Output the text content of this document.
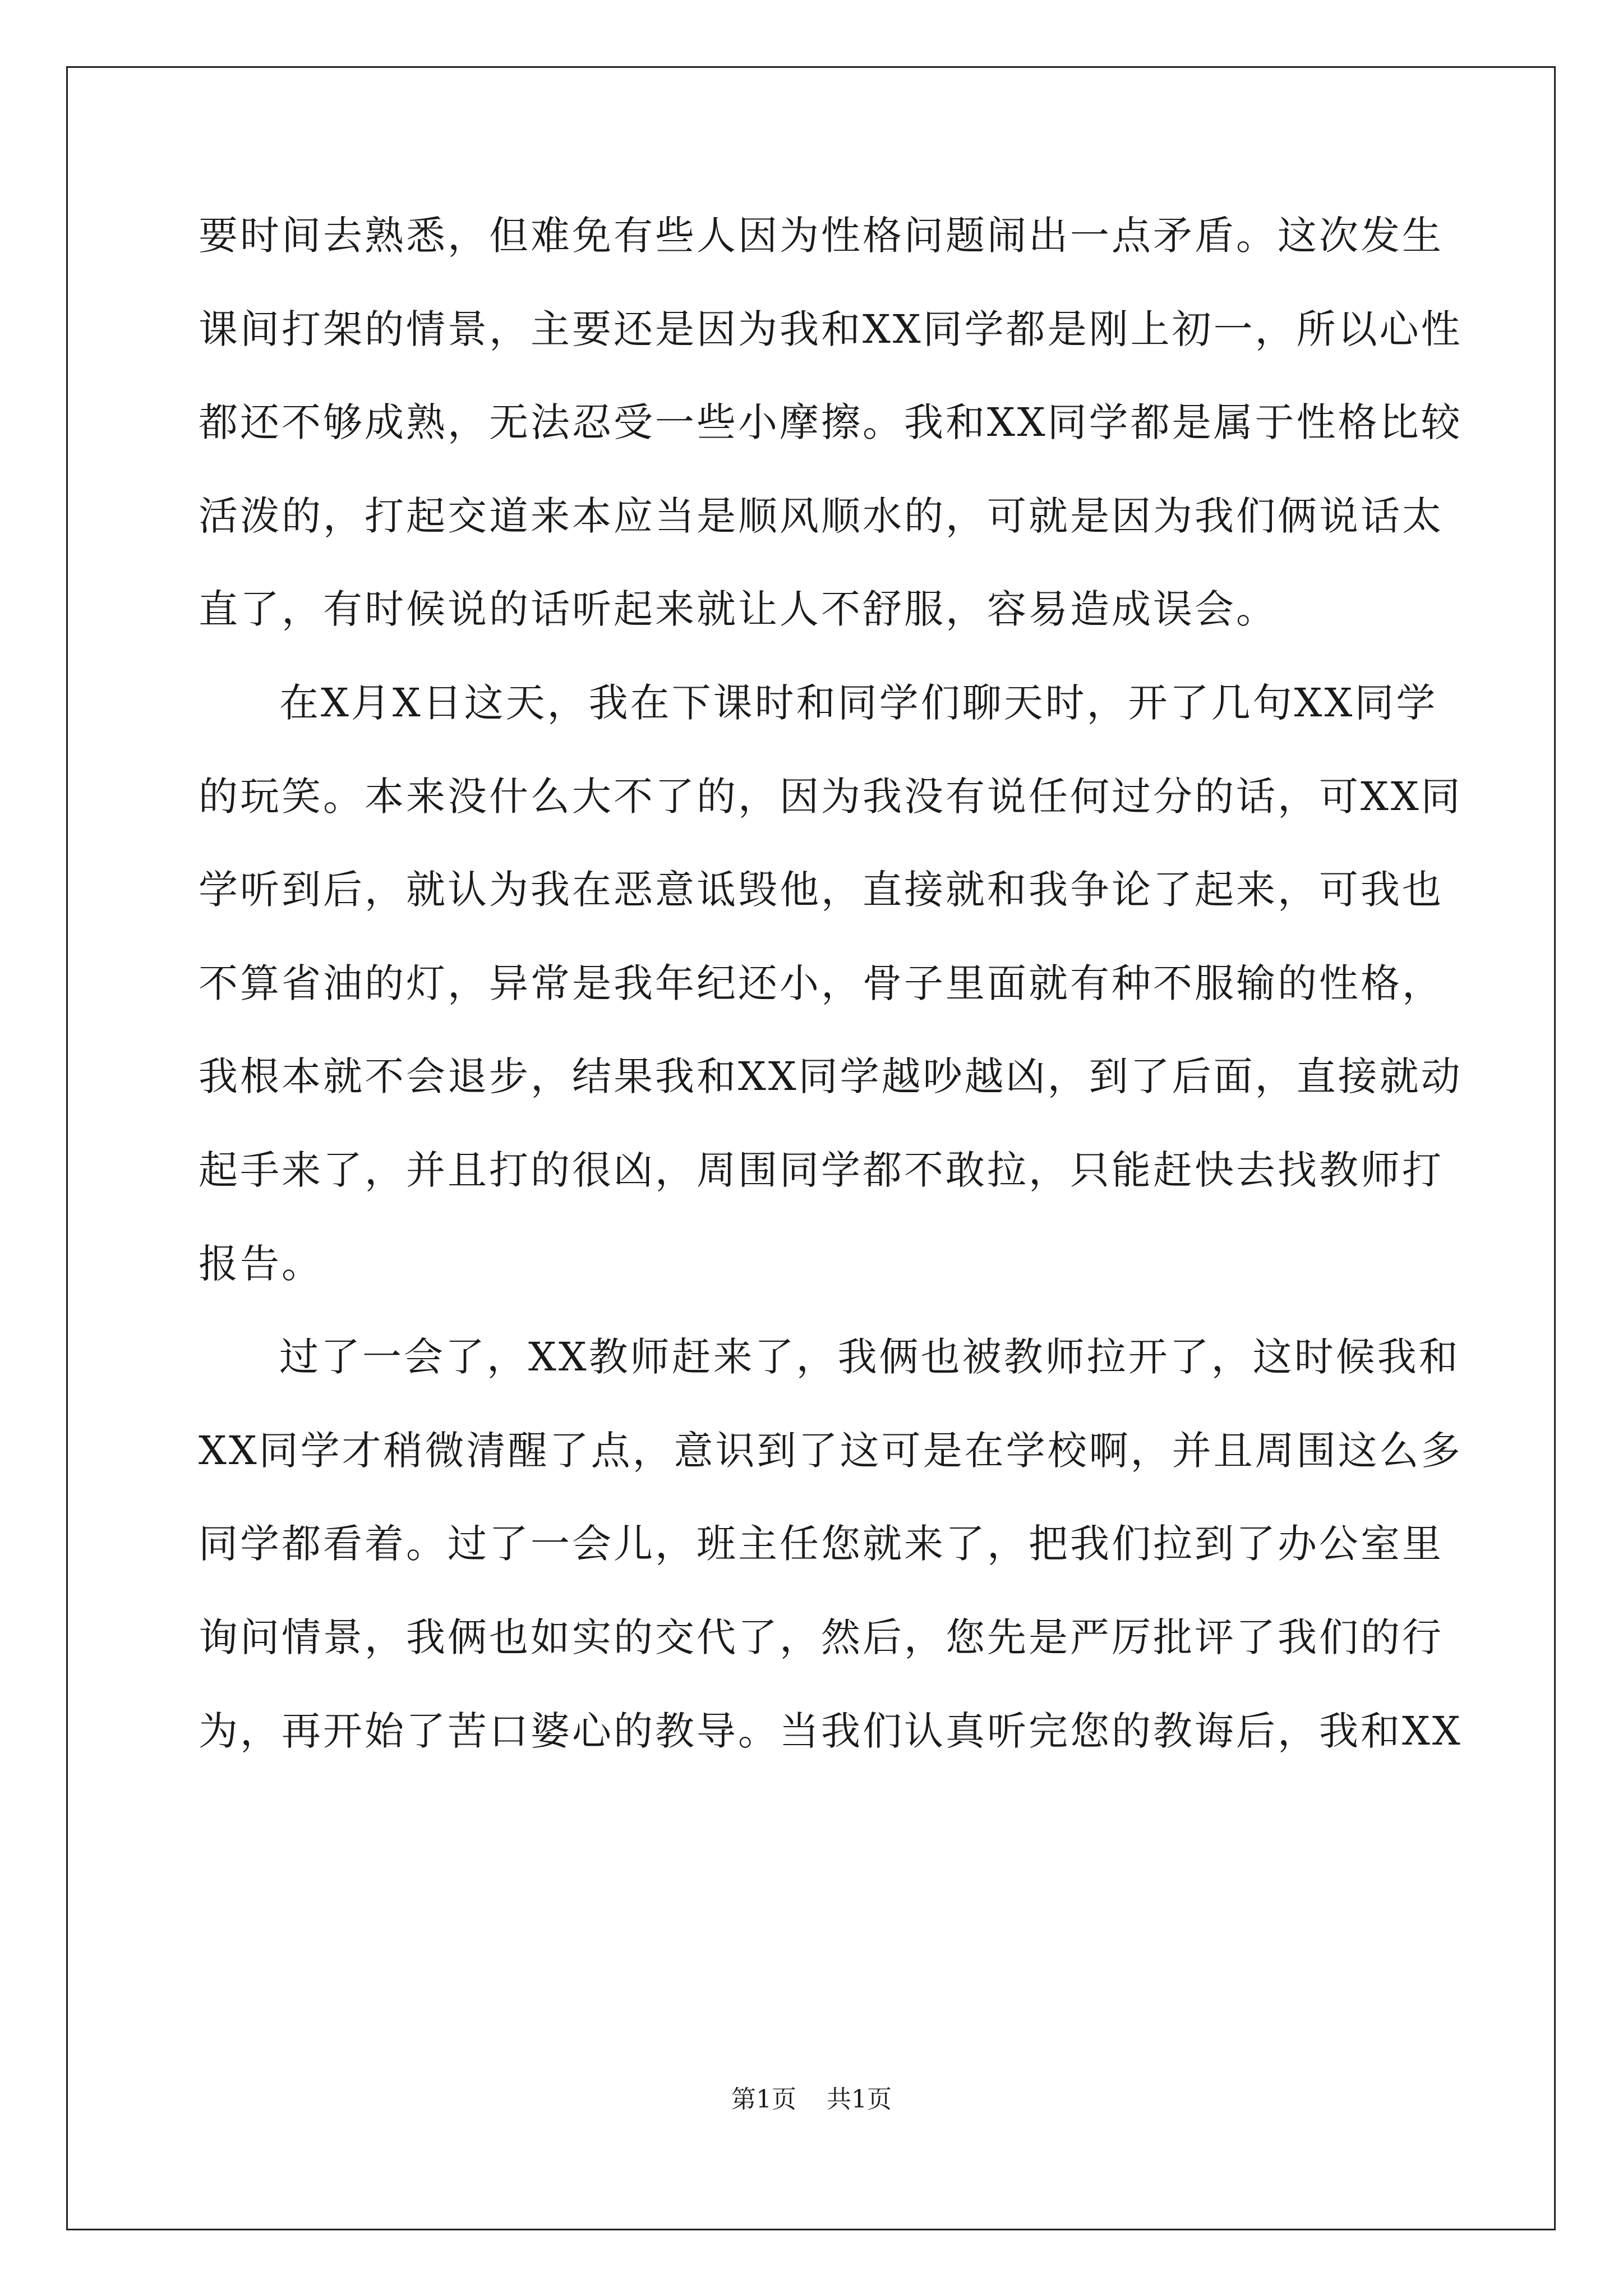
要时间去熟悉，但难免有些人因为性格问题闹出一点矛盾。这次发生
课间打架的情景，主要还是因为我和XX同学都是刚上初一，所以心性
都还不够成熟，无法忍受一些小摩擦。我和XX同学都是属于性格比较
活泼的，打起交道来本应当是顺风顺水的，可就是因为我们俩说话太
直了，有时候说的话听起来就让人不舒服，容易造成误会。
在X月X日这天，我在下课时和同学们聊天时，开了几句XX同学
的玩笑。本来没什么大不了的，因为我没有说任何过分的话，可XX同
学听到后，就认为我在恶意诋毁他，直接就和我争论了起来，可我也
不算省油的灯，异常是我年纪还小，骨子里面就有种不服输的性格，
我根本就不会退步，结果我和XX同学越吵越凶，到了后面，直接就动
起手来了，并且打的很凶，周围同学都不敢拉，只能赶快去找教师打
报告。
过了一会了，XX教师赶来了，我俩也被教师拉开了，这时候我和
XX同学才稍微清醒了点，意识到了这可是在学校啊，并且周围这么多
同学都看着。过了一会儿，班主任您就来了，把我们拉到了办公室里
询问情景，我俩也如实的交代了，然后，您先是严厉批评了我们的行
为，再开始了苦口婆心的教导。当我们认真听完您的教诲后，我和XX
第1页 共1页
